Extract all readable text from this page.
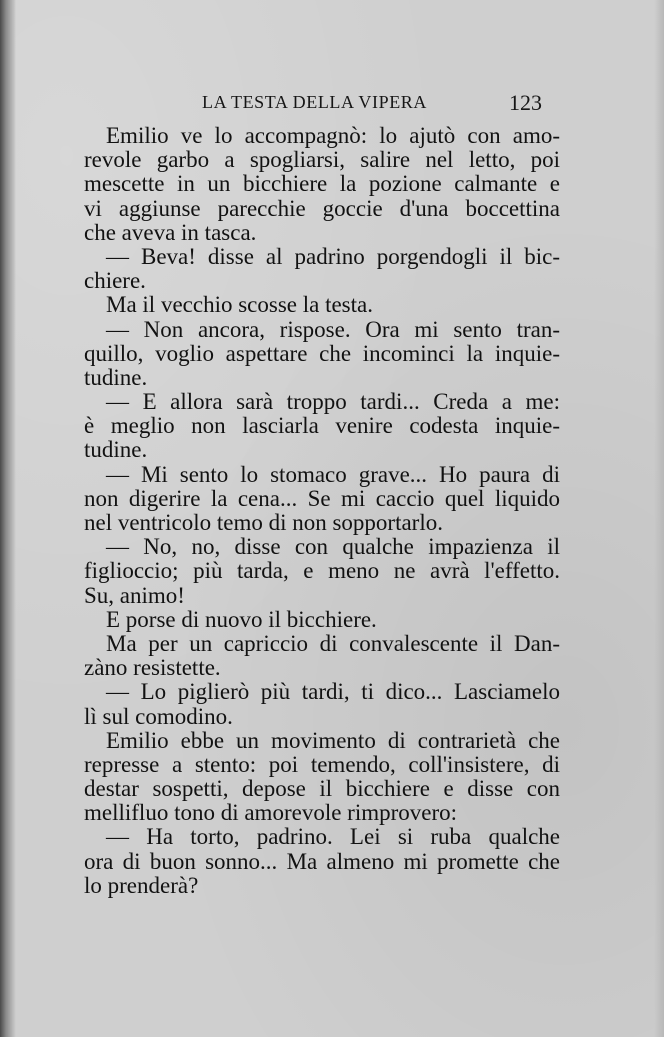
LA TESTA DELLA VIPERA	123
Emilio ve lo accompagnò: lo ajutò con amo-
revole garbo a spogliarsi, salire nel letto, poi
mescette in un bicchiere la pozione calmante e
vi aggiunse parecchie goccie d'una boccettina
che aveva in tasca.
— Beva! disse al padrino porgendogli il bic-
chiere.
Ma il vecchio scosse la testa.
— Non ancora, rispose. Ora mi sento tran-
quillo, voglio aspettare che incominci la inquie-
tudine.
— E allora sarà troppo tardi... Creda a me:
è meglio non lasciarla venire codesta inquie-
tudine.
— Mi sento lo stomaco grave... Ho paura di
non digerire la cena... Se mi caccio quel liquido
nel ventricolo temo di non sopportarlo.
— No, no, disse con qualche impazienza il
figlioccio; più tarda, e meno ne avrà l'effetto.
Su, animo!
E porse di nuovo il bicchiere.
Ma per un capriccio di convalescente il Dan-
zàno resistette.
— Lo piglierò più tardi, ti dico... Lasciamelo
lì sul comodino.
Emilio ebbe un movimento di contrarietà che
represse a stento: poi temendo, coll'insistere, di
destar sospetti, depose il bicchiere e disse con
mellifluo tono di amorevole rimprovero:
— Ha torto, padrino. Lei si ruba qualche
ora di buon sonno... Ma almeno mi promette che
lo prenderà?
